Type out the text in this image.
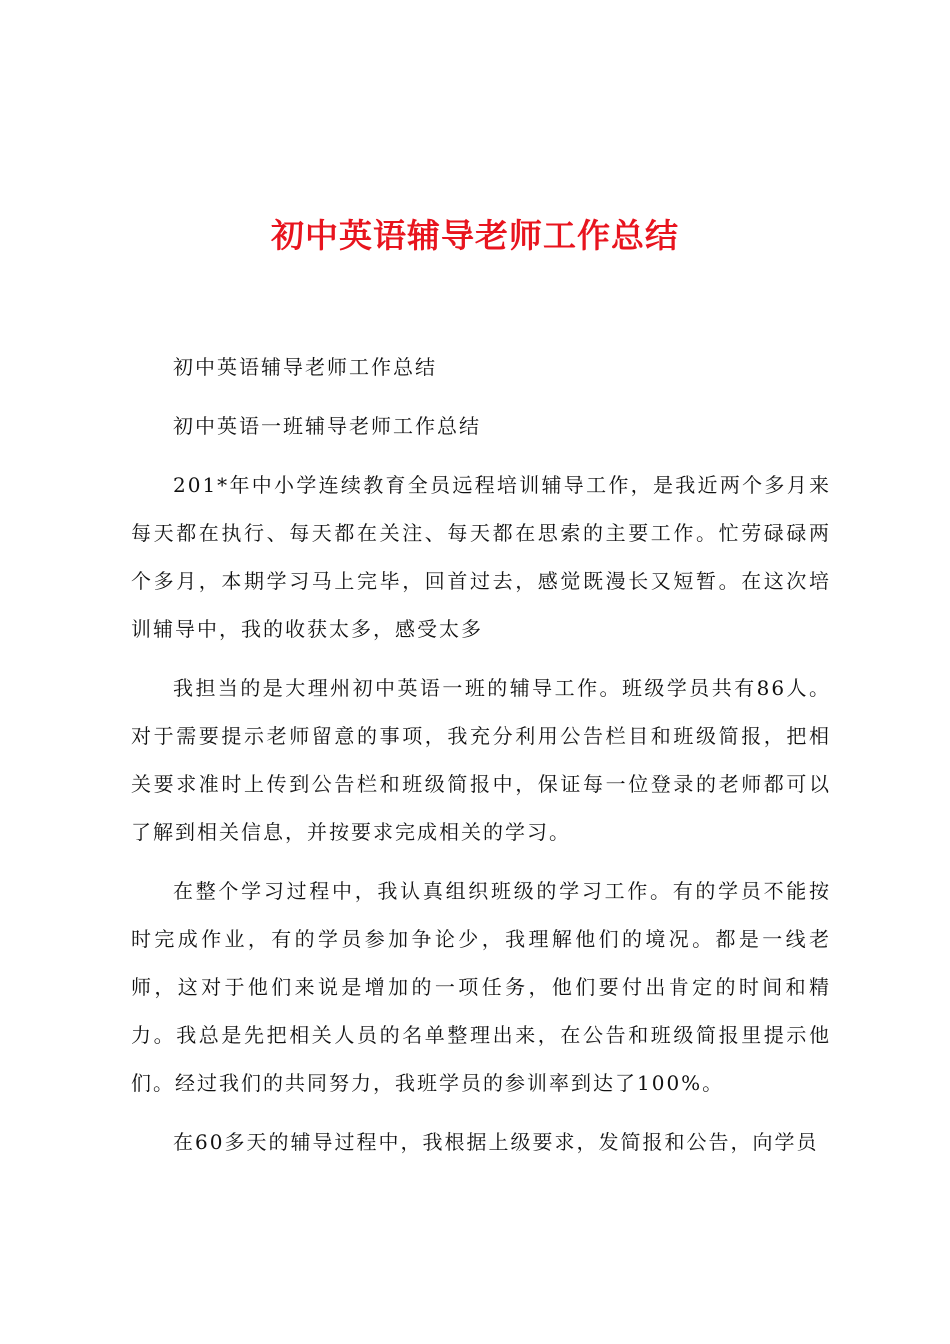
初中英语辅导老师工作总结

初中英语辅导老师工作总结

初中英语一班辅导老师工作总结

201*年中小学连续教育全员远程培训辅导工作，是我近两个多月来每天都在执行、每天都在关注、每天都在思索的主要工作。忙劳碌碌两个多月，本期学习马上完毕，回首过去，感觉既漫长又短暂。在这次培训辅导中，我的收获太多，感受太多

我担当的是大理州初中英语一班的辅导工作。班级学员共有86人。对于需要提示老师留意的事项，我充分利用公告栏目和班级简报，把相关要求准时上传到公告栏和班级简报中，保证每一位登录的老师都可以了解到相关信息，并按要求完成相关的学习。

在整个学习过程中，我认真组织班级的学习工作。有的学员不能按时完成作业，有的学员参加争论少，我理解他们的境况。都是一线老师，这对于他们来说是增加的一项任务，他们要付出肯定的时间和精力。我总是先把相关人员的名单整理出来，在公告和班级简报里提示他们。经过我们的共同努力，我班学员的参训率到达了100%。

在60多天的辅导过程中，我根据上级要求，发简报和公告，向学员
